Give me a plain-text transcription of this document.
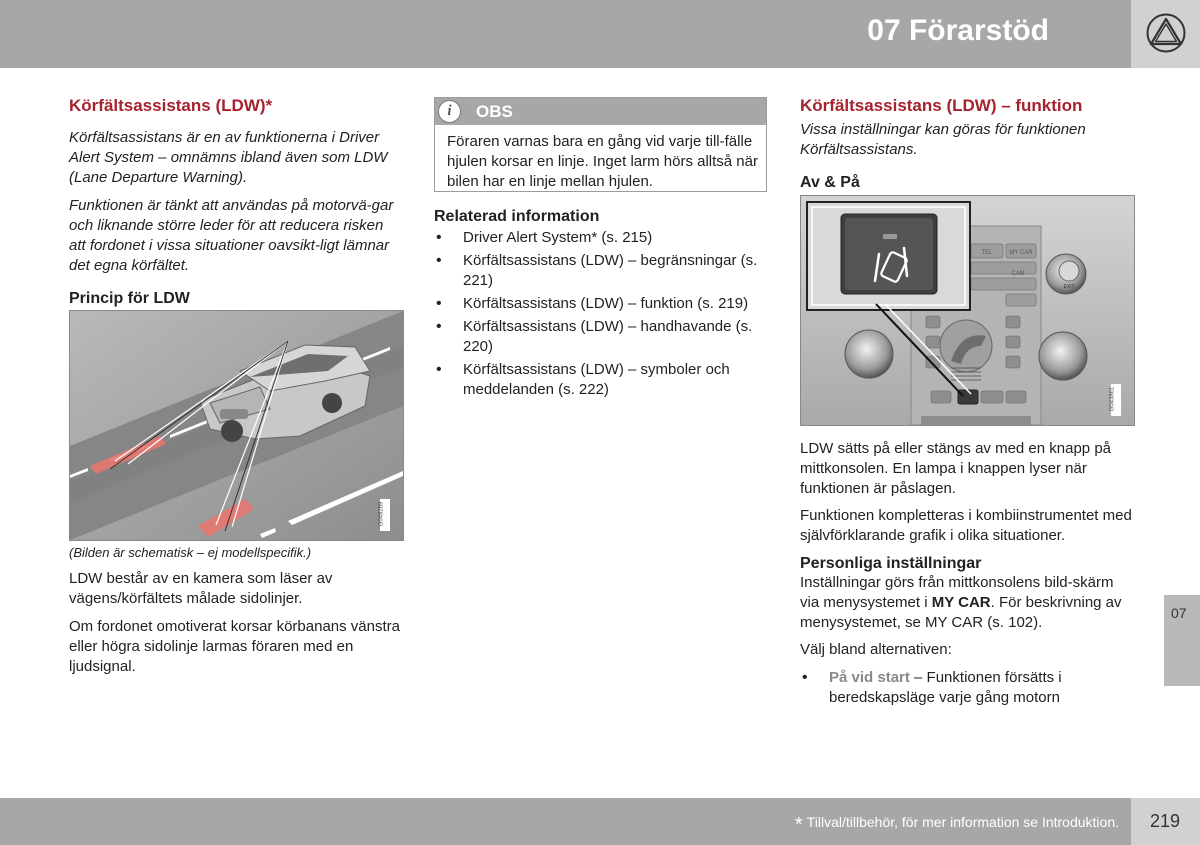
07 Förarstöd
Körfältsassistans (LDW)*

Körfältsassistans är en av funktionerna i Driver Alert System – omnämns ibland även som LDW (Lane Departure Warning).

Funktionen är tänkt att användas på motorvä-gar och liknande större leder för att reducera risken att fordonet i vissa situationer oavsikt-ligt lämnar det egna körfältet.

Princip för LDW
G048269

(Bilden är schematisk – ej modellspecifik.)

LDW består av en kamera som läser av vägens/körfältets målade sidolinjer.

Om fordonet omotiverat korsar körbanans vänstra eller högra sidolinje larmas föraren med en ljudsignal.

i	OBS

Föraren varnas bara en gång vid varje till-fälle hjulen korsar en linje. Inget larm hörs alltså när bilen har en linje mellan hjulen.

Relaterad information
• Driver Alert System* (s. 215)
• Körfältsassistans (LDW) – begränsningar (s. 221)
• Körfältsassistans (LDW) – funktion (s. 219)
• Körfältsassistans (LDW) – handhavande (s. 220)
• Körfältsassistans (LDW) – symboler och meddelanden (s. 222)
Körfältsassistans (LDW) – funktion

Vissa inställningar kan göras för funktionen Körfältsassistans.

Av & På
TEL	MY CAR
CAM
EXIT
G043861

LDW sätts på eller stängs av med en knapp på mittkonsolen. En lampa i knappen lyser när funktionen är påslagen.

Funktionen kompletteras i kombiinstrumentet med självförklarande grafik i olika situationer.

Personliga inställningar

Inställningar görs från mittkonsolens bild-skärm via menysystemet i MY CAR. För beskrivning av menysystemet, se MY CAR (s. 102).

Välj bland alternativen:

• På vid start – Funktionen försätts i beredskapsläge varje gång motorn
07
* Tillval/tillbehör, för mer information se Introduktion. 219
